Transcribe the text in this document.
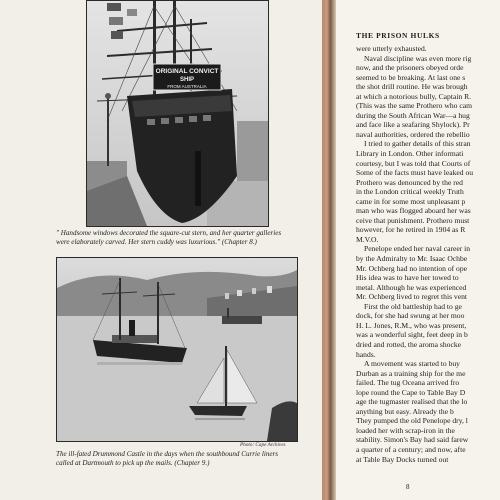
ORIGINAL CONVICT
SHIP
FROM AUSTRALIA
" Handsome windows decorated the square-cut stern, and her quarter galleries were elaborately carved. Her stern cuddy was luxurious." (Chapter 8.)
Photo: Cape Archives
The ill-fated Drummond Castle in the days when the southbound Currie liners called at Dartmouth to pick up the mails. (Chapter 9.)
THE PRISON HULKS
were utterly exhausted.
Naval discipline was even more rig
now, and the prisoners obeyed orde
seemed to be breaking. At last one s
the shot drill routine. He was brough
at which a notorious bully, Captain R.
(This was the same Prothero who cam
during the South African War—a hug
and face like a seafaring Shylock). Pr
naval authorities, ordered the rebellio
I tried to gather details of this stran
Library in London. Other informati
courtesy, but I was told that Courts of
Some of the facts must have leaked ou
Prothero was denounced by the red
in the London critical weekly Truth
came in for some most unpleasant p
man who was flogged aboard her was
ceive that punishment. Prothero must
however, for he retired in 1904 as R
M.V.O.
Penelope ended her naval career in
by the Admiralty to Mr. Isaac Ochbe
Mr. Ochberg had no intention of ope
His idea was to have her towed to
metal. Although he was experienced
Mr. Ochberg lived to regret this vent
First the old battleship had to ge
dock, for she had swung at her moo
H. L. Jones, R.M., who was present,
was a wonderful sight, feet deep in b
dried and rotted, the aroma shocke
hands.
A movement was started to buy
Durban as a training ship for the me
failed. The tug Oceana arrived fro
lope round the Cape to Table Bay D
age the tugmaster realised that the lo
anything but easy. Already the b
They pumped the old Penelope dry, l
loaded her with scrap-iron in the
stability. Simon's Bay had said farew
a quarter of a century; and now, afte
at Table Bay Docks turned out
8
